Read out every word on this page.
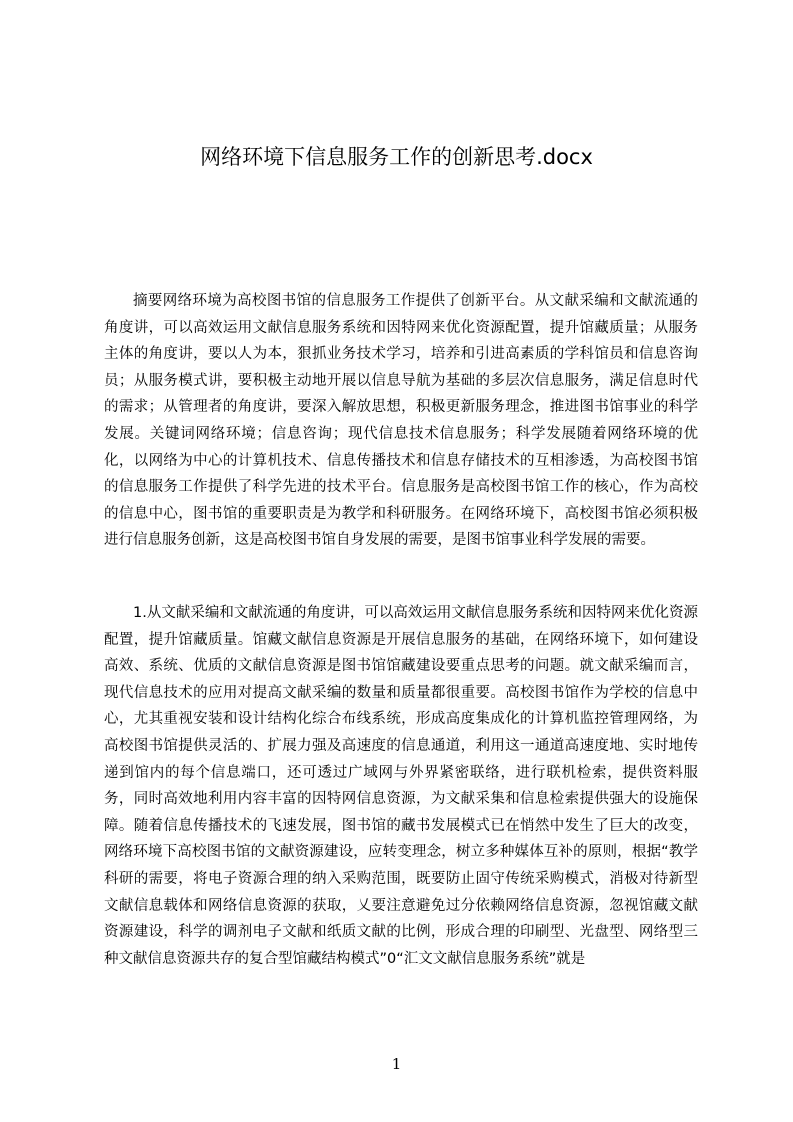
网络环境下信息服务工作的创新思考.docx

摘要网络环境为高校图书馆的信息服务工作提供了创新平台。从文献采编和文献流通的角度讲，可以高效运用文献信息服务系统和因特网来优化资源配置，提升馆藏质量；从服务主体的角度讲，要以人为本，狠抓业务技术学习，培养和引进高素质的学科馆员和信息咨询员；从服务模式讲，要积极主动地开展以信息导航为基础的多层次信息服务，满足信息时代的需求；从管理者的角度讲，要深入解放思想，积极更新服务理念，推进图书馆事业的科学发展。关键词网络环境；信息咨询；现代信息技术信息服务；科学发展随着网络环境的优化，以网络为中心的计算机技术、信息传播技术和信息存储技术的互相渗透，为高校图书馆的信息服务工作提供了科学先进的技术平台。信息服务是高校图书馆工作的核心，作为高校的信息中心，图书馆的重要职责是为教学和科研服务。在网络环境下，高校图书馆必须积极进行信息服务创新，这是高校图书馆自身发展的需要，是图书馆事业科学发展的需要。

1.从文献采编和文献流通的角度讲，可以高效运用文献信息服务系统和因特网来优化资源配置，提升馆藏质量。馆藏文献信息资源是开展信息服务的基础，在网络环境下，如何建设高效、系统、优质的文献信息资源是图书馆馆藏建设要重点思考的问题。就文献采编而言，现代信息技术的应用对提高文献采编的数量和质量都很重要。高校图书馆作为学校的信息中心，尤其重视安装和设计结构化综合布线系统，形成高度集成化的计算机监控管理网络，为高校图书馆提供灵活的、扩展力强及高速度的信息通道，利用这一通道高速度地、实时地传递到馆内的每个信息端口，还可透过广域网与外界紧密联络，进行联机检索，提供资料服务，同时高效地利用内容丰富的因特网信息资源，为文献采集和信息检索提供强大的设施保障。随着信息传播技术的飞速发展，图书馆的藏书发展模式已在悄然中发生了巨大的改变，网络环境下高校图书馆的文献资源建设，应转变理念，树立多种媒体互补的原则，根据“教学科研的需要，将电子资源合理的纳入采购范围，既要防止固守传统采购模式，消极对待新型文献信息载体和网络信息资源的获取，乂要注意避免过分依赖网络信息资源，忽视馆藏文献资源建设，科学的调剂电子文献和纸质文献的比例，形成合理的印刷型、光盘型、网络型三种文献信息资源共存的复合型馆藏结构模式”0“汇文文献信息服务系统”就是

1
